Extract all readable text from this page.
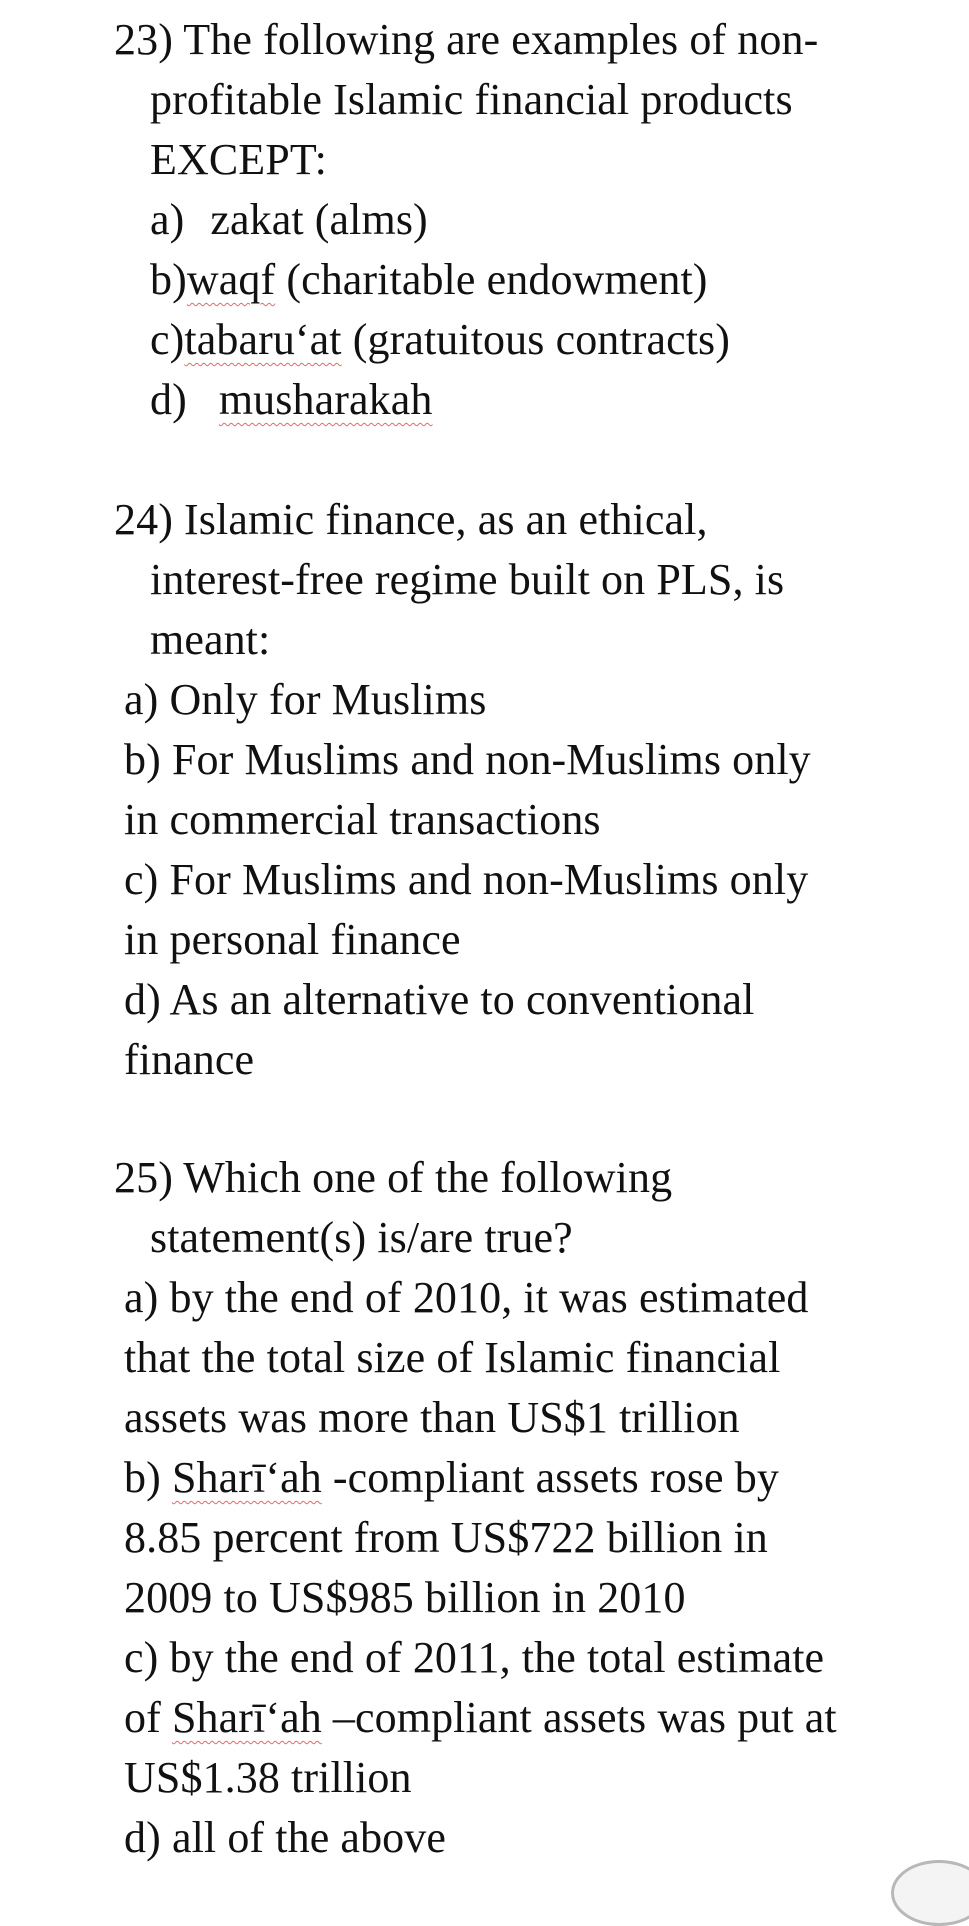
23) The following are examples of non-
profitable Islamic financial products
EXCEPT:
a) zakat (alms)
b)waqf (charitable endowment)
c)tabaru‘at (gratuitous contracts)
d) musharakah
24) Islamic finance, as an ethical,
interest-free regime built on PLS, is
meant:
a) Only for Muslims
b) For Muslims and non-Muslims only
in commercial transactions
c) For Muslims and non-Muslims only
in personal finance
d) As an alternative to conventional
finance
25) Which one of the following
statement(s) is/are true?
a) by the end of 2010, it was estimated
that the total size of Islamic financial
assets was more than US$1 trillion
b) Sharī‘ah -compliant assets rose by
8.85 percent from US$722 billion in
2009 to US$985 billion in 2010
c) by the end of 2011, the total estimate
of Sharī‘ah –compliant assets was put at
US$1.38 trillion
d) all of the above
